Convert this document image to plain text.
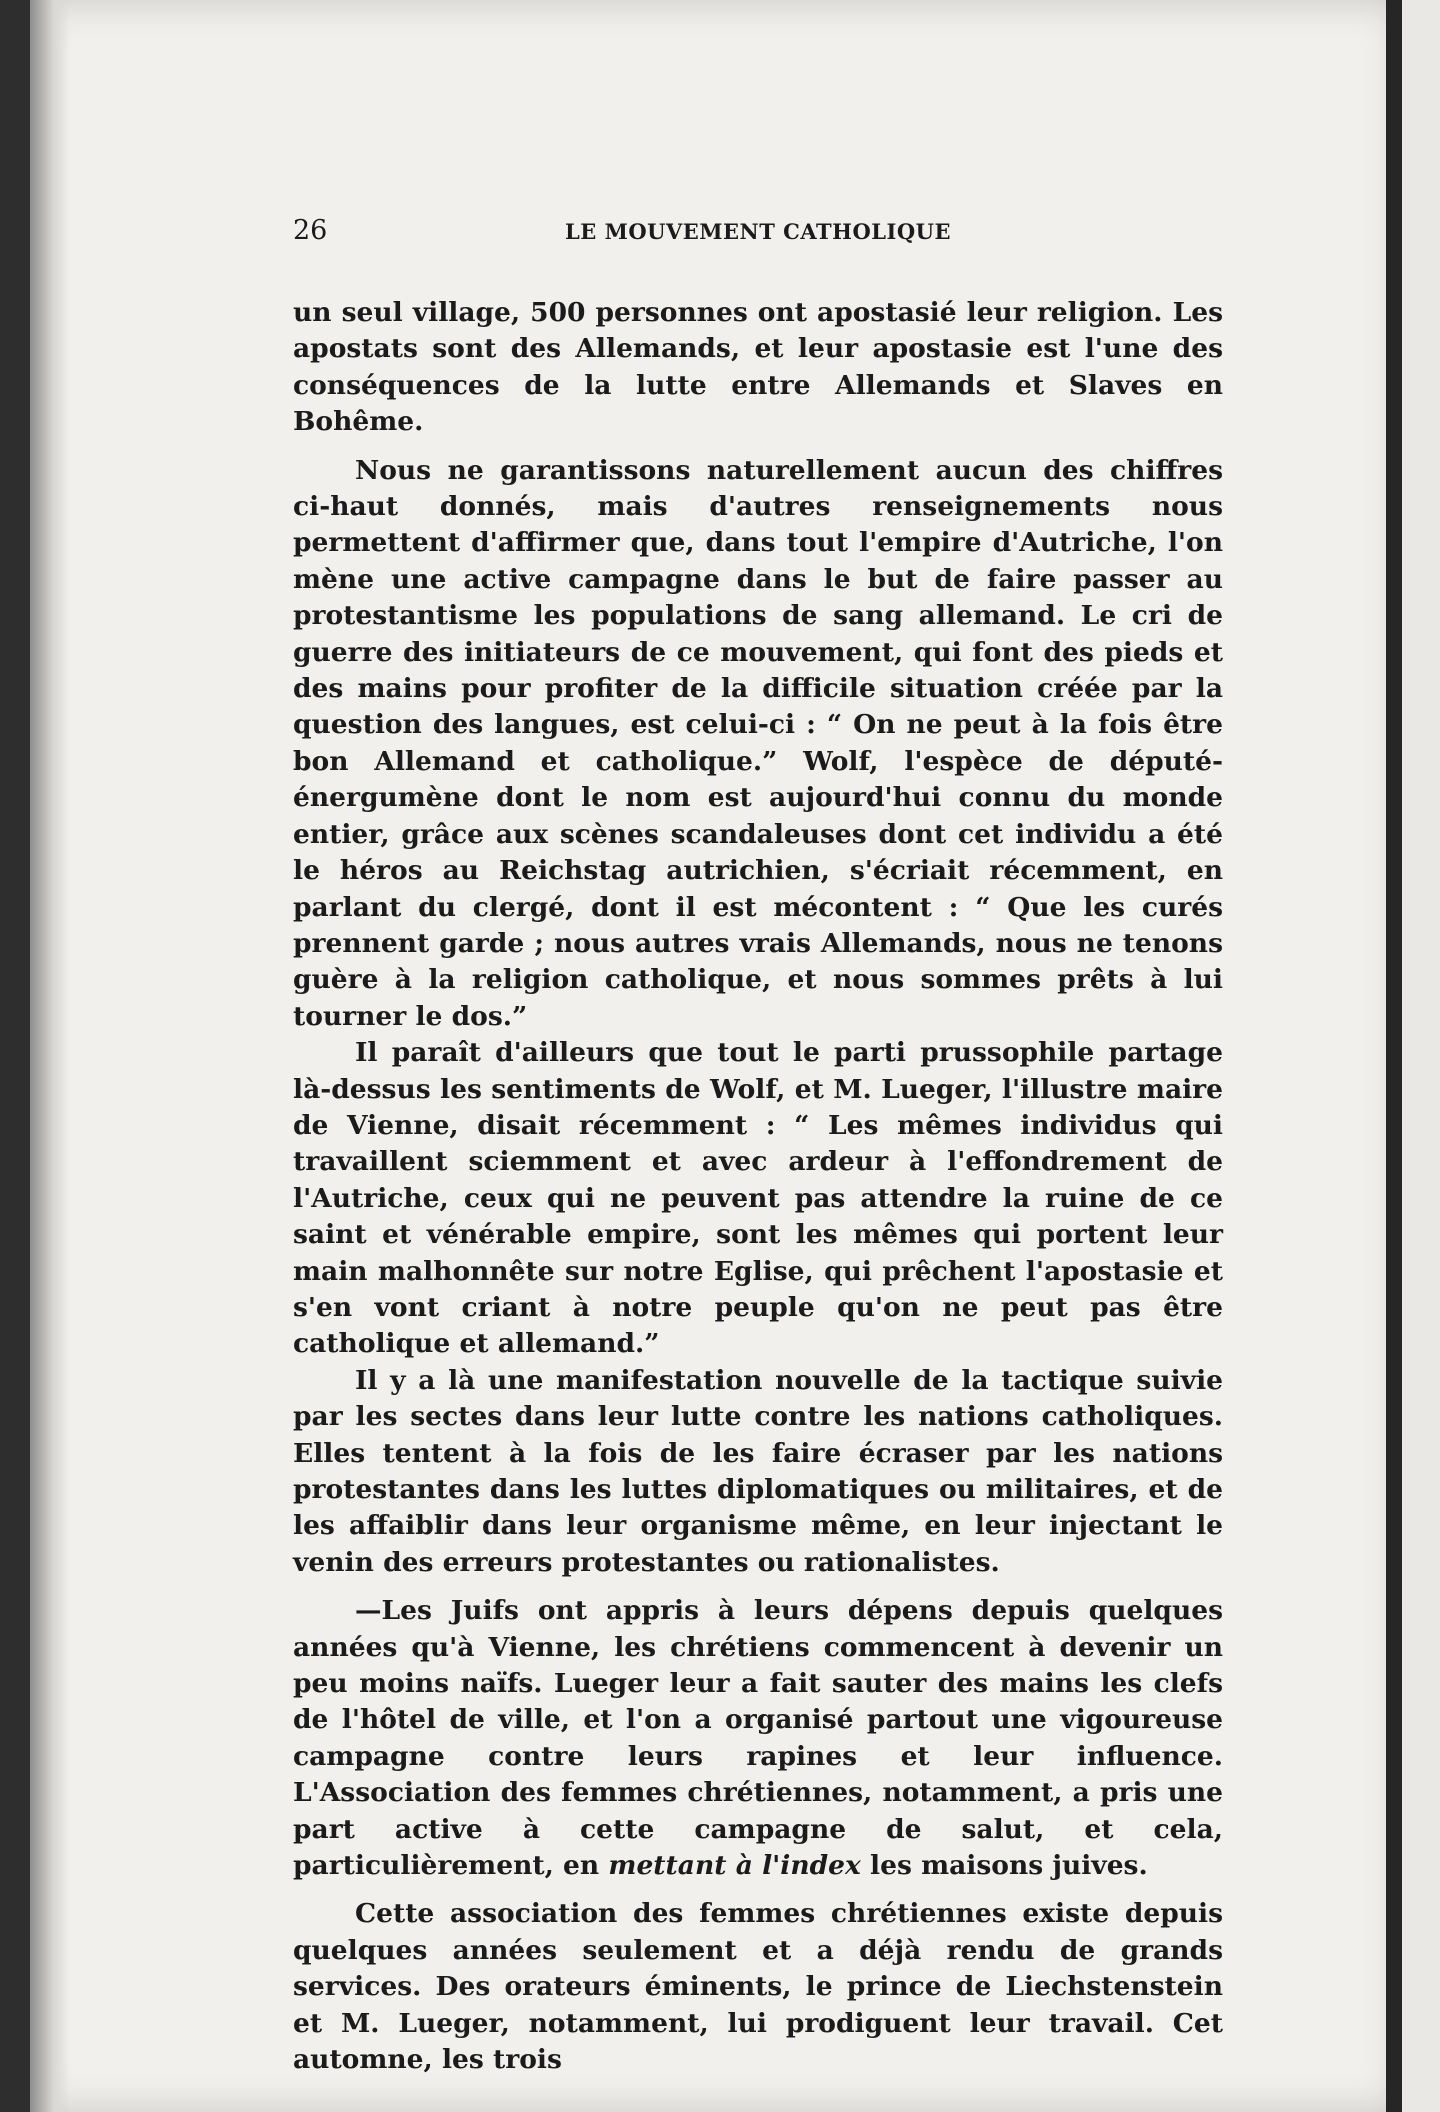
26	LE MOUVEMENT CATHOLIQUE

un seul village, 500 personnes ont apostasié leur religion. Les apostats sont des Allemands, et leur apostasie est l'une des conséquences de la lutte entre Allemands et Slaves en Bohême.

Nous ne garantissons naturellement aucun des chiffres ci-haut donnés, mais d'autres renseignements nous permettent d'affirmer que, dans tout l'empire d'Autriche, l'on mène une active campagne dans le but de faire passer au protestantisme les populations de sang allemand. Le cri de guerre des initiateurs de ce mouvement, qui font des pieds et des mains pour profiter de la difficile situation créée par la question des langues, est celui-ci : “ On ne peut à la fois être bon Allemand et catholique.” Wolf, l'espèce de député-énergumène dont le nom est aujourd'hui connu du monde entier, grâce aux scènes scandaleuses dont cet individu a été le héros au Reichstag autrichien, s'écriait récemment, en parlant du clergé, dont il est mécontent : “ Que les curés prennent garde ; nous autres vrais Allemands, nous ne tenons guère à la religion catholique, et nous sommes prêts à lui tourner le dos.”

Il paraît d'ailleurs que tout le parti prussophile partage là-dessus les sentiments de Wolf, et M. Lueger, l'illustre maire de Vienne, disait récemment : “ Les mêmes individus qui travaillent sciemment et avec ardeur à l'effondrement de l'Autriche, ceux qui ne peuvent pas attendre la ruine de ce saint et vénérable empire, sont les mêmes qui portent leur main malhonnête sur notre Eglise, qui prêchent l'apostasie et s'en vont criant à notre peuple qu'on ne peut pas être catholique et allemand.”

Il y a là une manifestation nouvelle de la tactique suivie par les sectes dans leur lutte contre les nations catholiques. Elles tentent à la fois de les faire écraser par les nations protestantes dans les luttes diplomatiques ou militaires, et de les affaiblir dans leur organisme même, en leur injectant le venin des erreurs protestantes ou rationalistes.

—Les Juifs ont appris à leurs dépens depuis quelques années qu'à Vienne, les chrétiens commencent à devenir un peu moins naïfs. Lueger leur a fait sauter des mains les clefs de l'hôtel de ville, et l'on a organisé partout une vigoureuse campagne contre leurs rapines et leur influence. L'Association des femmes chrétiennes, notamment, a pris une part active à cette campagne de salut, et cela, particulièrement, en mettant à l'index les maisons juives.

Cette association des femmes chrétiennes existe depuis quelques années seulement et a déjà rendu de grands services. Des orateurs éminents, le prince de Liechstenstein et M. Lueger, notamment, lui prodiguent leur travail. Cet automne, les trois
